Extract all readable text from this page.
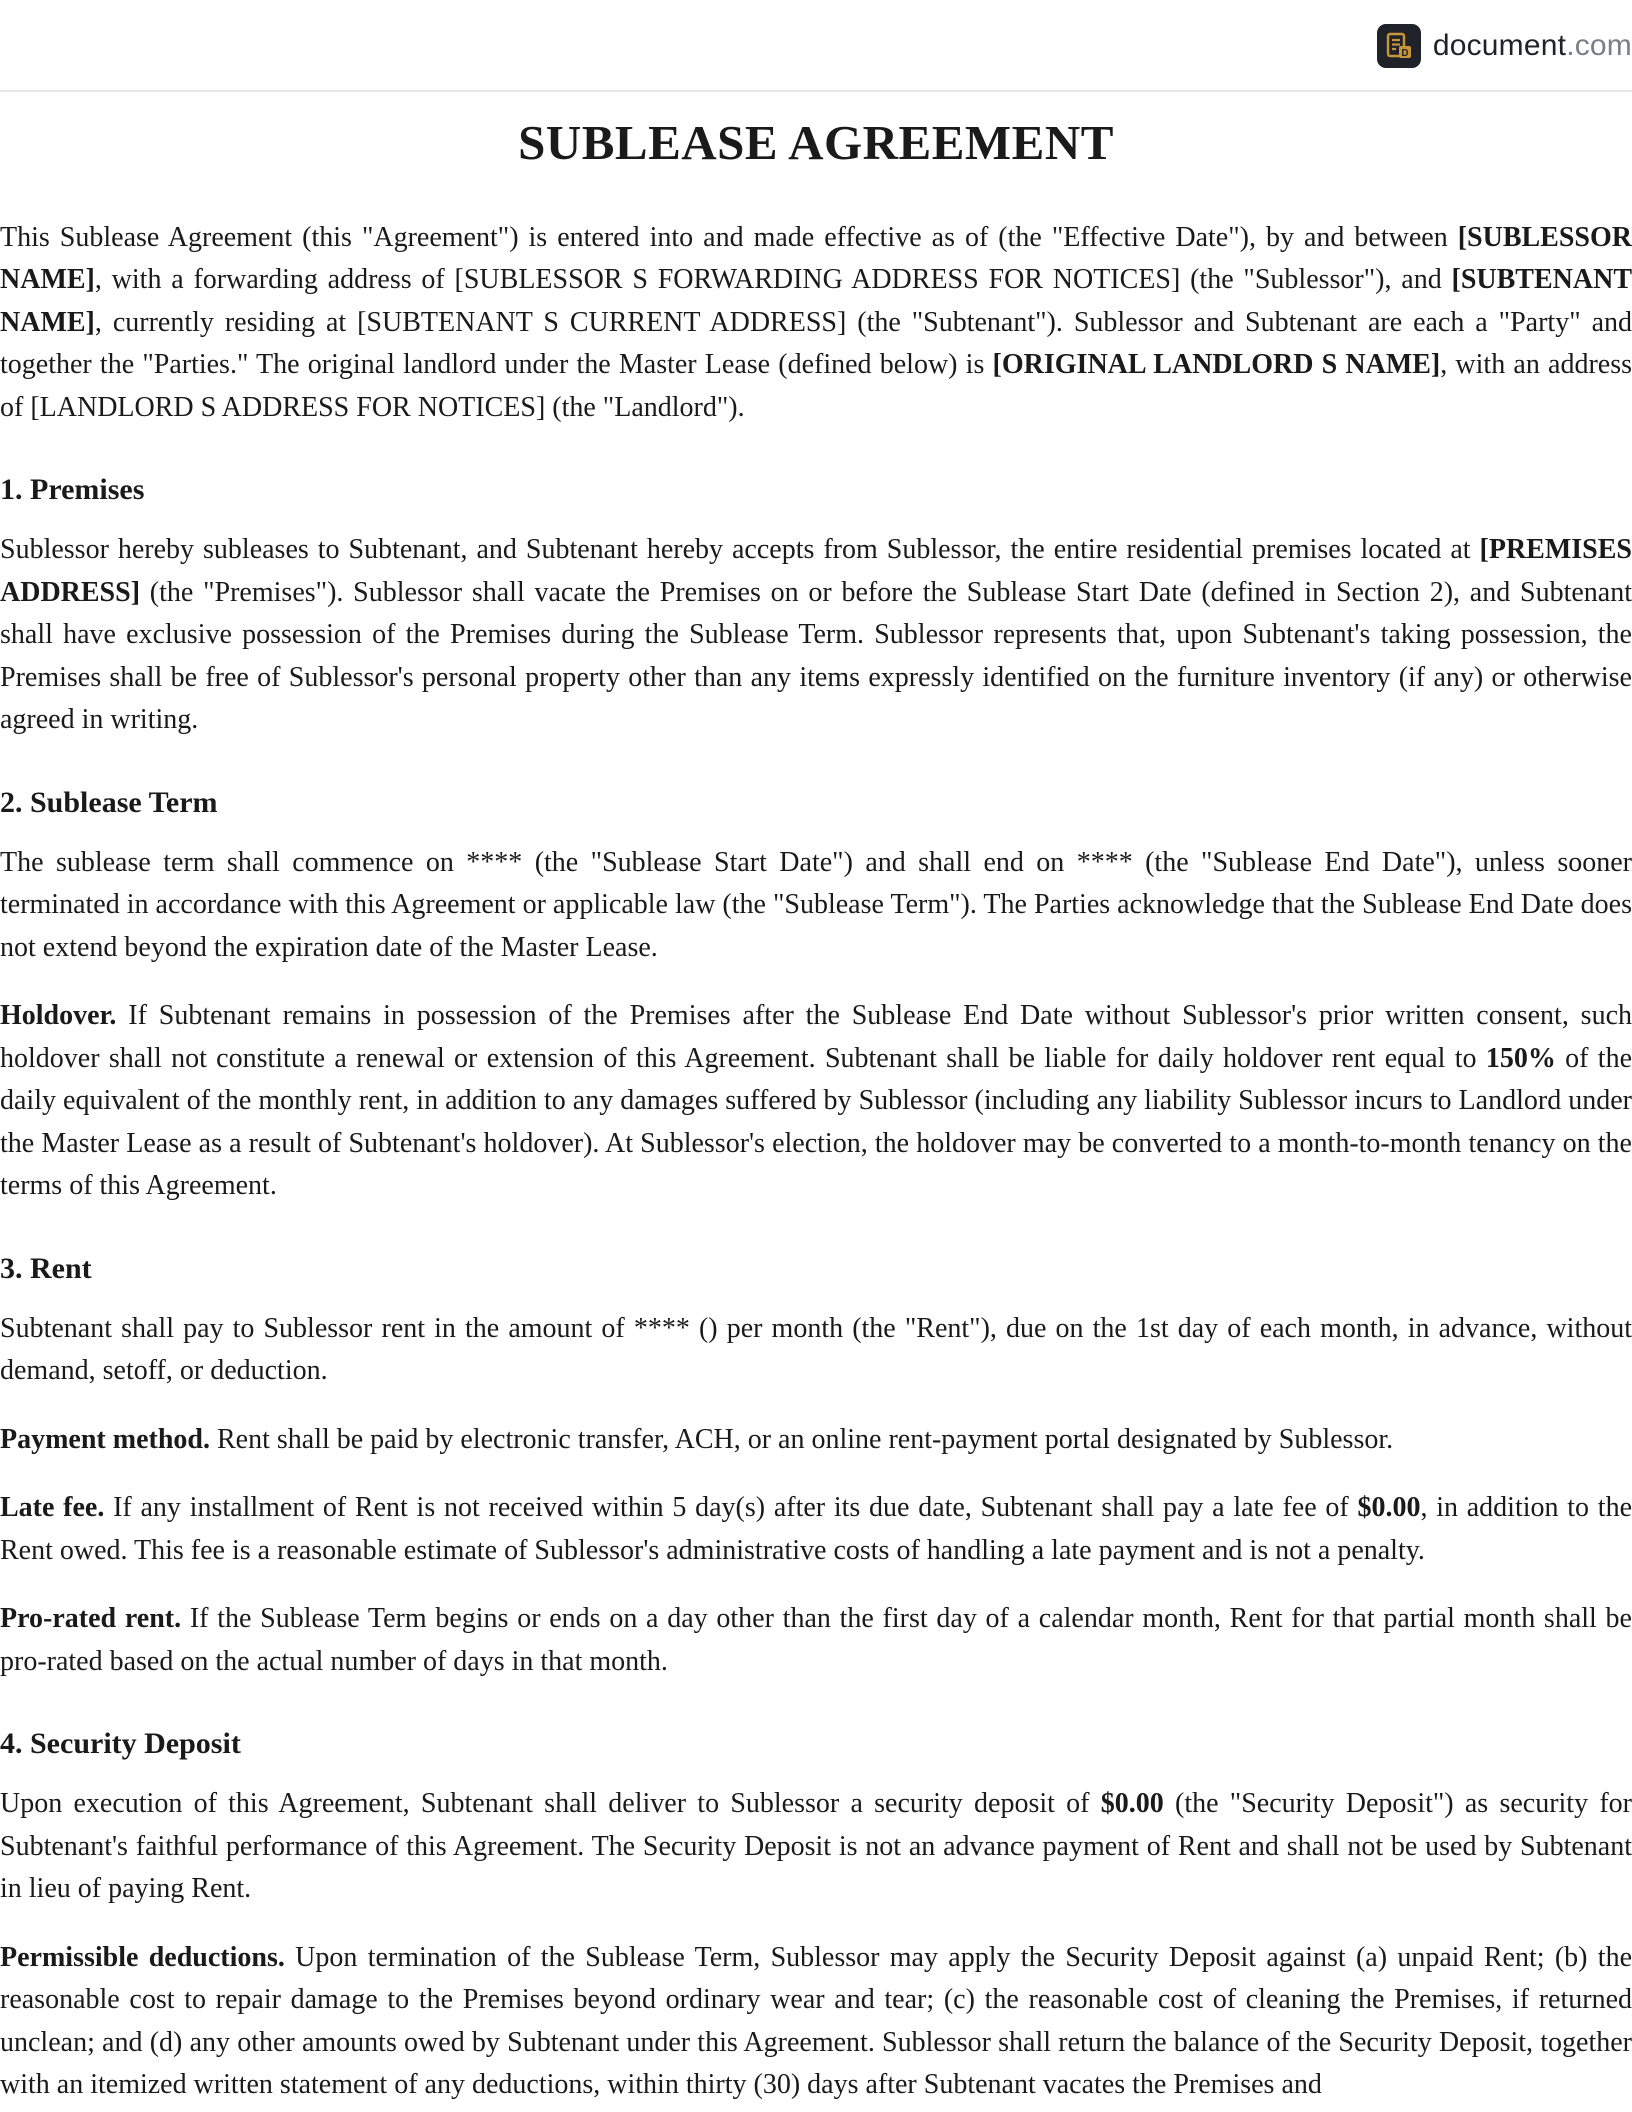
D document.com
SUBLEASE AGREEMENT

This Sublease Agreement (this "Agreement") is entered into and made effective as of (the "Effective Date"), by and between [SUBLESSOR NAME], with a forwarding address of [SUBLESSOR S FORWARDING ADDRESS FOR NOTICES] (the "Sublessor"), and [SUBTENANT NAME], currently residing at [SUBTENANT S CURRENT ADDRESS] (the "Subtenant"). Sublessor and Subtenant are each a "Party" and together the "Parties." The original landlord under the Master Lease (defined below) is [ORIGINAL LANDLORD S NAME], with an address of [LANDLORD S ADDRESS FOR NOTICES] (the "Landlord").

1. Premises

Sublessor hereby subleases to Subtenant, and Subtenant hereby accepts from Sublessor, the entire residential premises located at [PREMISES ADDRESS] (the "Premises"). Sublessor shall vacate the Premises on or before the Sublease Start Date (defined in Section 2), and Subtenant shall have exclusive possession of the Premises during the Sublease Term. Sublessor represents that, upon Subtenant's taking possession, the Premises shall be free of Sublessor's personal property other than any items expressly identified on the furniture inventory (if any) or otherwise agreed in writing.

2. Sublease Term

The sublease term shall commence on **** (the "Sublease Start Date") and shall end on **** (the "Sublease End Date"), unless sooner terminated in accordance with this Agreement or applicable law (the "Sublease Term"). The Parties acknowledge that the Sublease End Date does not extend beyond the expiration date of the Master Lease.

Holdover. If Subtenant remains in possession of the Premises after the Sublease End Date without Sublessor's prior written consent, such holdover shall not constitute a renewal or extension of this Agreement. Subtenant shall be liable for daily holdover rent equal to 150% of the daily equivalent of the monthly rent, in addition to any damages suffered by Sublessor (including any liability Sublessor incurs to Landlord under the Master Lease as a result of Subtenant's holdover). At Sublessor's election, the holdover may be converted to a month-to-month tenancy on the terms of this Agreement.

3. Rent

Subtenant shall pay to Sublessor rent in the amount of **** () per month (the "Rent"), due on the 1st day of each month, in advance, without demand, setoff, or deduction.

Payment method. Rent shall be paid by electronic transfer, ACH, or an online rent-payment portal designated by Sublessor.

Late fee. If any installment of Rent is not received within 5 day(s) after its due date, Subtenant shall pay a late fee of $0.00, in addition to the Rent owed. This fee is a reasonable estimate of Sublessor's administrative costs of handling a late payment and is not a penalty.

Pro-rated rent. If the Sublease Term begins or ends on a day other than the first day of a calendar month, Rent for that partial month shall be pro-rated based on the actual number of days in that month.

4. Security Deposit

Upon execution of this Agreement, Subtenant shall deliver to Sublessor a security deposit of $0.00 (the "Security Deposit") as security for Subtenant's faithful performance of this Agreement. The Security Deposit is not an advance payment of Rent and shall not be used by Subtenant in lieu of paying Rent.

Permissible deductions. Upon termination of the Sublease Term, Sublessor may apply the Security Deposit against (a) unpaid Rent; (b) the reasonable cost to repair damage to the Premises beyond ordinary wear and tear; (c) the reasonable cost of cleaning the Premises, if returned unclean; and (d) any other amounts owed by Subtenant under this Agreement. Sublessor shall return the balance of the Security Deposit, together with an itemized written statement of any deductions, within thirty (30) days after Subtenant vacates the Premises and
